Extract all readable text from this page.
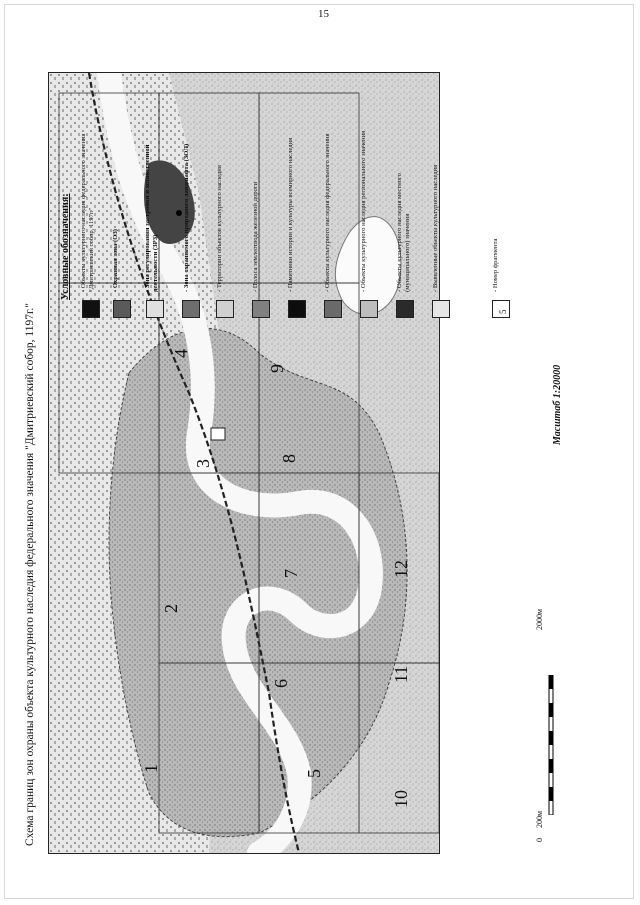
15
Схема границ зон охраны объекта культурного наследия федерального значения "Дмитриевский собор, 1197г."	1
2
3
4
5
6
7
8
9
10
11
12
Условные обозначения: - Объекты культурного наследия федерального значения "Дмитриевский собор, 1197г."	- Охранная зона (ОЗ)	- Зона регулирования застройки и хозяйственной деятельности (ЗРЗ)	- Зона охраняемого природного ландшафта (ЗОЛ)	- Территории объектов культурного наследия	- Полоса землеотвода железной дороги	- Памятники истории и культуры всемирного наследия	- Объекты культурного наследия федерального значения	- Объекты культурного наследия регионального значения	- Объекты культурного наследия местного (муниципального) значения	- Выявленные объекты культурного наследия
5
- Номер фрагмента
Масштаб 1:20000
2000м
200м
0
